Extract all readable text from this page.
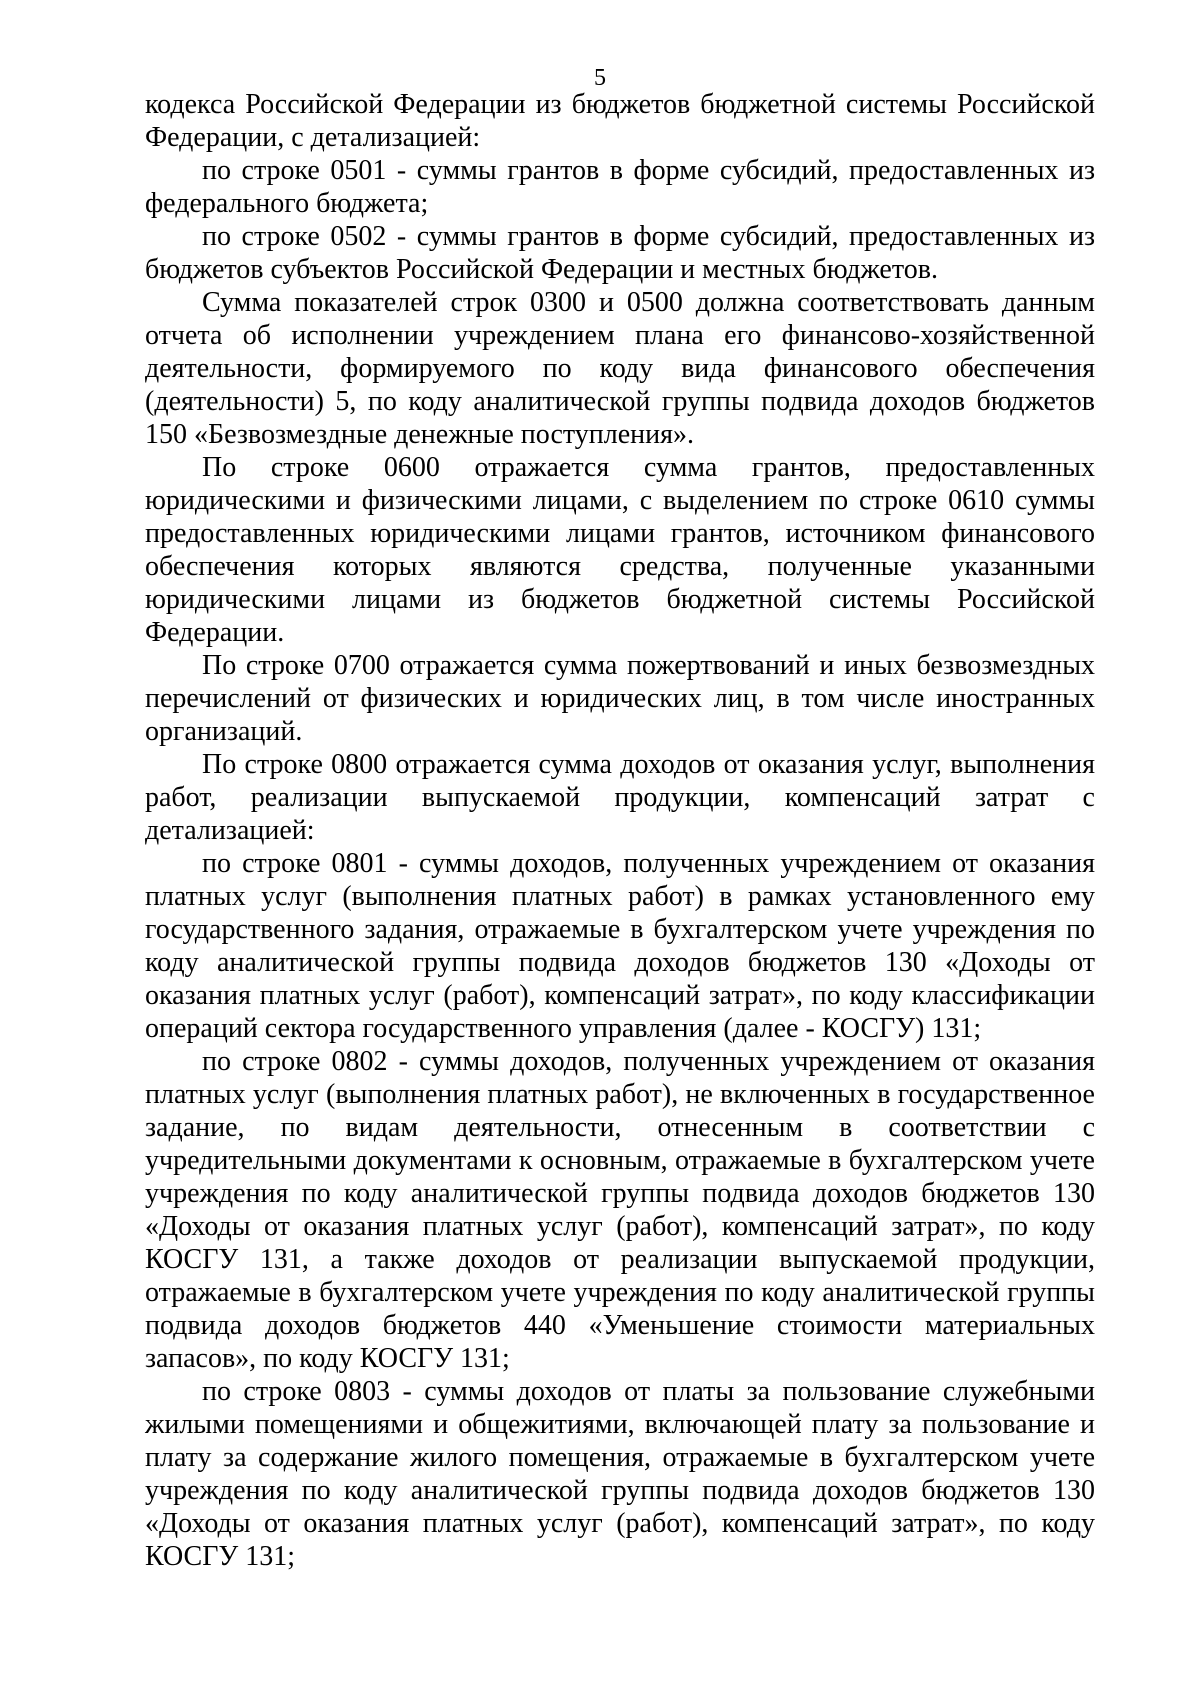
5

кодекса Российской Федерации из бюджетов бюджетной системы Российской Федерации, с детализацией:

по строке 0501 - суммы грантов в форме субсидий, предоставленных из федерального бюджета;

по строке 0502 - суммы грантов в форме субсидий, предоставленных из бюджетов субъектов Российской Федерации и местных бюджетов.

Сумма показателей строк 0300 и 0500 должна соответствовать данным отчета об исполнении учреждением плана его финансово-хозяйственной деятельности, формируемого по коду вида финансового обеспечения (деятельности) 5, по коду аналитической группы подвида доходов бюджетов 150 «Безвозмездные денежные поступления».

По строке 0600 отражается сумма грантов, предоставленных юридическими и физическими лицами, с выделением по строке 0610 суммы предоставленных юридическими лицами грантов, источником финансового обеспечения которых являются средства, полученные указанными юридическими лицами из бюджетов бюджетной системы Российской Федерации.

По строке 0700 отражается сумма пожертвований и иных безвозмездных перечислений от физических и юридических лиц, в том числе иностранных организаций.

По строке 0800 отражается сумма доходов от оказания услуг, выполнения работ, реализации выпускаемой продукции, компенсаций затрат с детализацией:

по строке 0801 - суммы доходов, полученных учреждением от оказания платных услуг (выполнения платных работ) в рамках установленного ему государственного задания, отражаемые в бухгалтерском учете учреждения по коду аналитической группы подвида доходов бюджетов 130 «Доходы от оказания платных услуг (работ), компенсаций затрат», по коду классификации операций сектора государственного управления (далее - КОСГУ) 131;

по строке 0802 - суммы доходов, полученных учреждением от оказания платных услуг (выполнения платных работ), не включенных в государственное задание, по видам деятельности, отнесенным в соответствии с учредительными документами к основным, отражаемые в бухгалтерском учете учреждения по коду аналитической группы подвида доходов бюджетов 130 «Доходы от оказания платных услуг (работ), компенсаций затрат», по коду КОСГУ 131, а также доходов от реализации выпускаемой продукции, отражаемые в бухгалтерском учете учреждения по коду аналитической группы подвида доходов бюджетов 440 «Уменьшение стоимости материальных запасов», по коду КОСГУ 131;

по строке 0803 - суммы доходов от платы за пользование служебными жилыми помещениями и общежитиями, включающей плату за пользование и плату за содержание жилого помещения, отражаемые в бухгалтерском учете учреждения по коду аналитической группы подвида доходов бюджетов 130 «Доходы от оказания платных услуг (работ), компенсаций затрат», по коду КОСГУ 131;
